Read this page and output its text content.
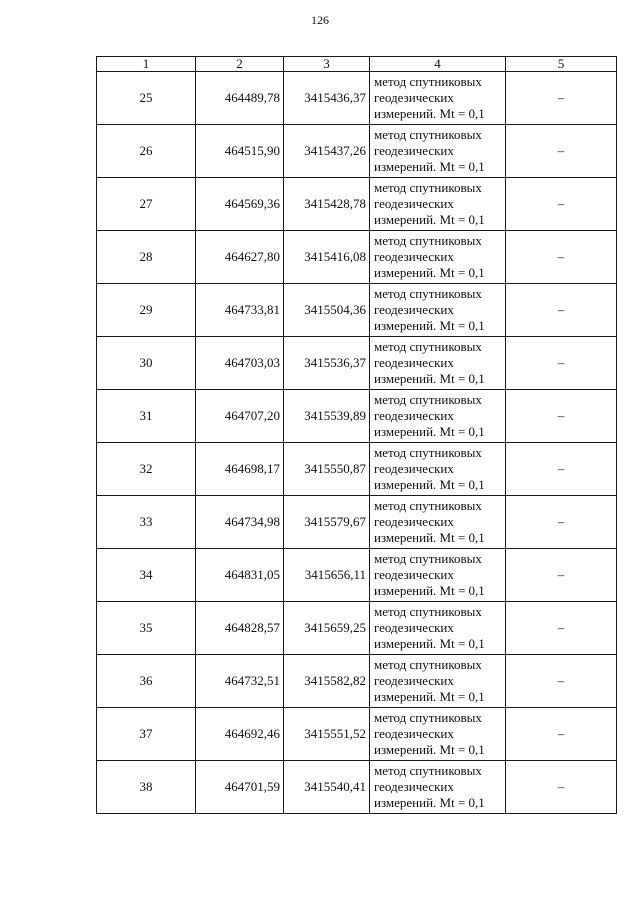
126
1	2	3	4	5
25	464489,78	3415436,37	метод спутниковых
геодезических
измерений. Mt = 0,1	–
26	464515,90	3415437,26	метод спутниковых
геодезических
измерений. Mt = 0,1	–
27	464569,36	3415428,78	метод спутниковых
геодезических
измерений. Mt = 0,1	–
28	464627,80	3415416,08	метод спутниковых
геодезических
измерений. Mt = 0,1	–
29	464733,81	3415504,36	метод спутниковых
геодезических
измерений. Mt = 0,1	–
30	464703,03	3415536,37	метод спутниковых
геодезических
измерений. Mt = 0,1	–
31	464707,20	3415539,89	метод спутниковых
геодезических
измерений. Mt = 0,1	–
32	464698,17	3415550,87	метод спутниковых
геодезических
измерений. Mt = 0,1	–
33	464734,98	3415579,67	метод спутниковых
геодезических
измерений. Mt = 0,1	–
34	464831,05	3415656,11	метод спутниковых
геодезических
измерений. Mt = 0,1	–
35	464828,57	3415659,25	метод спутниковых
геодезических
измерений. Mt = 0,1	–
36	464732,51	3415582,82	метод спутниковых
геодезических
измерений. Mt = 0,1	–
37	464692,46	3415551,52	метод спутниковых
геодезических
измерений. Mt = 0,1	–
38	464701,59	3415540,41	метод спутниковых
геодезических
измерений. Mt = 0,1	–
